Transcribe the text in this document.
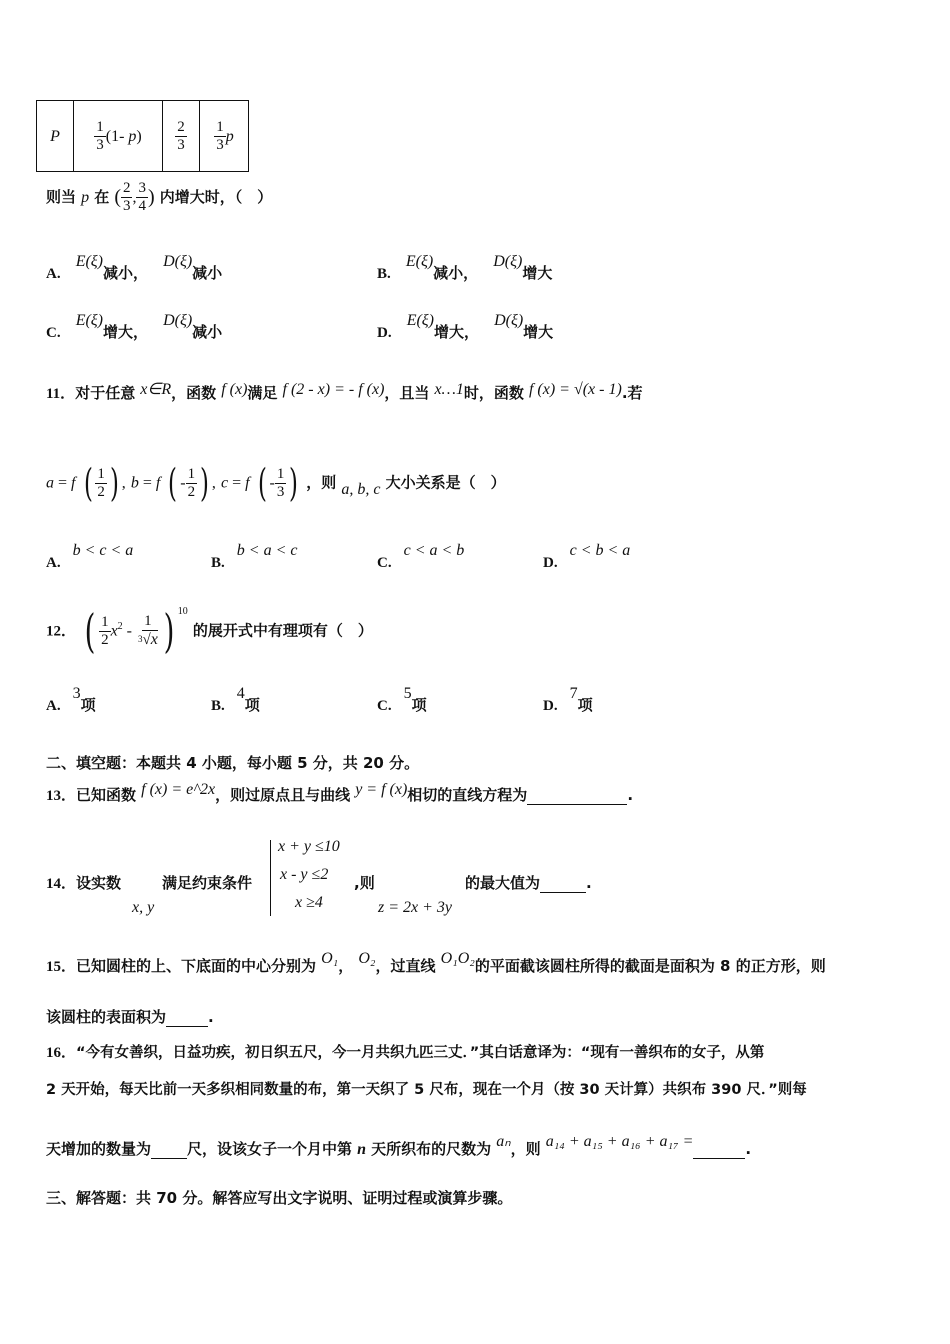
P	$\frac{1}{3} (1-$ p)	$\frac{2}{3}$	$\frac{1}{3}$ p
则当 p 在 ( $\frac{2}{3}$ , $\frac{3}{4}$ ) 内增大时，（　）
A. E(ξ)减小， D(ξ)减小	B. E(ξ)减小， D(ξ)增大
C. E(ξ)增大， D(ξ)减小	D. E(ξ)增大， D(ξ)增大
11．对于任意 x∈R，函数 f (x)满足 f (2 - x) = - f (x)，且当 x…1时，函数 f (x) = √(x - 1).若
a = f ( $\frac{1}{2}$ ) , b = f ( - $\frac{1}{2}$ ) , c = f ( - $\frac{1}{3}$ ) ，则 a, b, c 大小关系是（　）
A.b < c < a
B.b < a < c
C.c < a < b
D.c < b < a
12． ( $\frac{1}{2} x^2 - \frac{1}{^3√x}$ ) $^{10}$ 的展开式中有理项有（　）
A.3项	B.4项	C.5项	D.7项
二、填空题：本题共 4 小题，每小题 5 分，共 20 分。
13．已知函数 f (x) = e^2x，则过原点且与曲线 y = f (x)相切的直线方程为	.
14．设实数
x, y
满足约束条件
x + y ≤10
x - y ≤2
x ≥4
,则
z = 2x + 3y
的最大值为	.
15．已知圆柱的上、下底面的中心分别为 O₁， O₂，过直线 O₁O₂的平面截该圆柱所得的截面是面积为 8 的正方形，则
该圆柱的表面积为	.
16．“今有女善织，日益功疾，初日织五尺，今一月共织九匹三丈．”其白话意译为：“现有一善织布的女子，从第
2 天开始，每天比前一天多织相同数量的布，第一天织了 5 尺布，现在一个月（按 30 天计算）共织布 390 尺．”则每
天增加的数量为 尺，设该女子一个月中第 n 天所织布的尺数为 aₙ，则 a₁₄ + a₁₅ + a₁₆ + a₁₇ =	.
三、解答题：共 70 分。解答应写出文字说明、证明过程或演算步骤。
